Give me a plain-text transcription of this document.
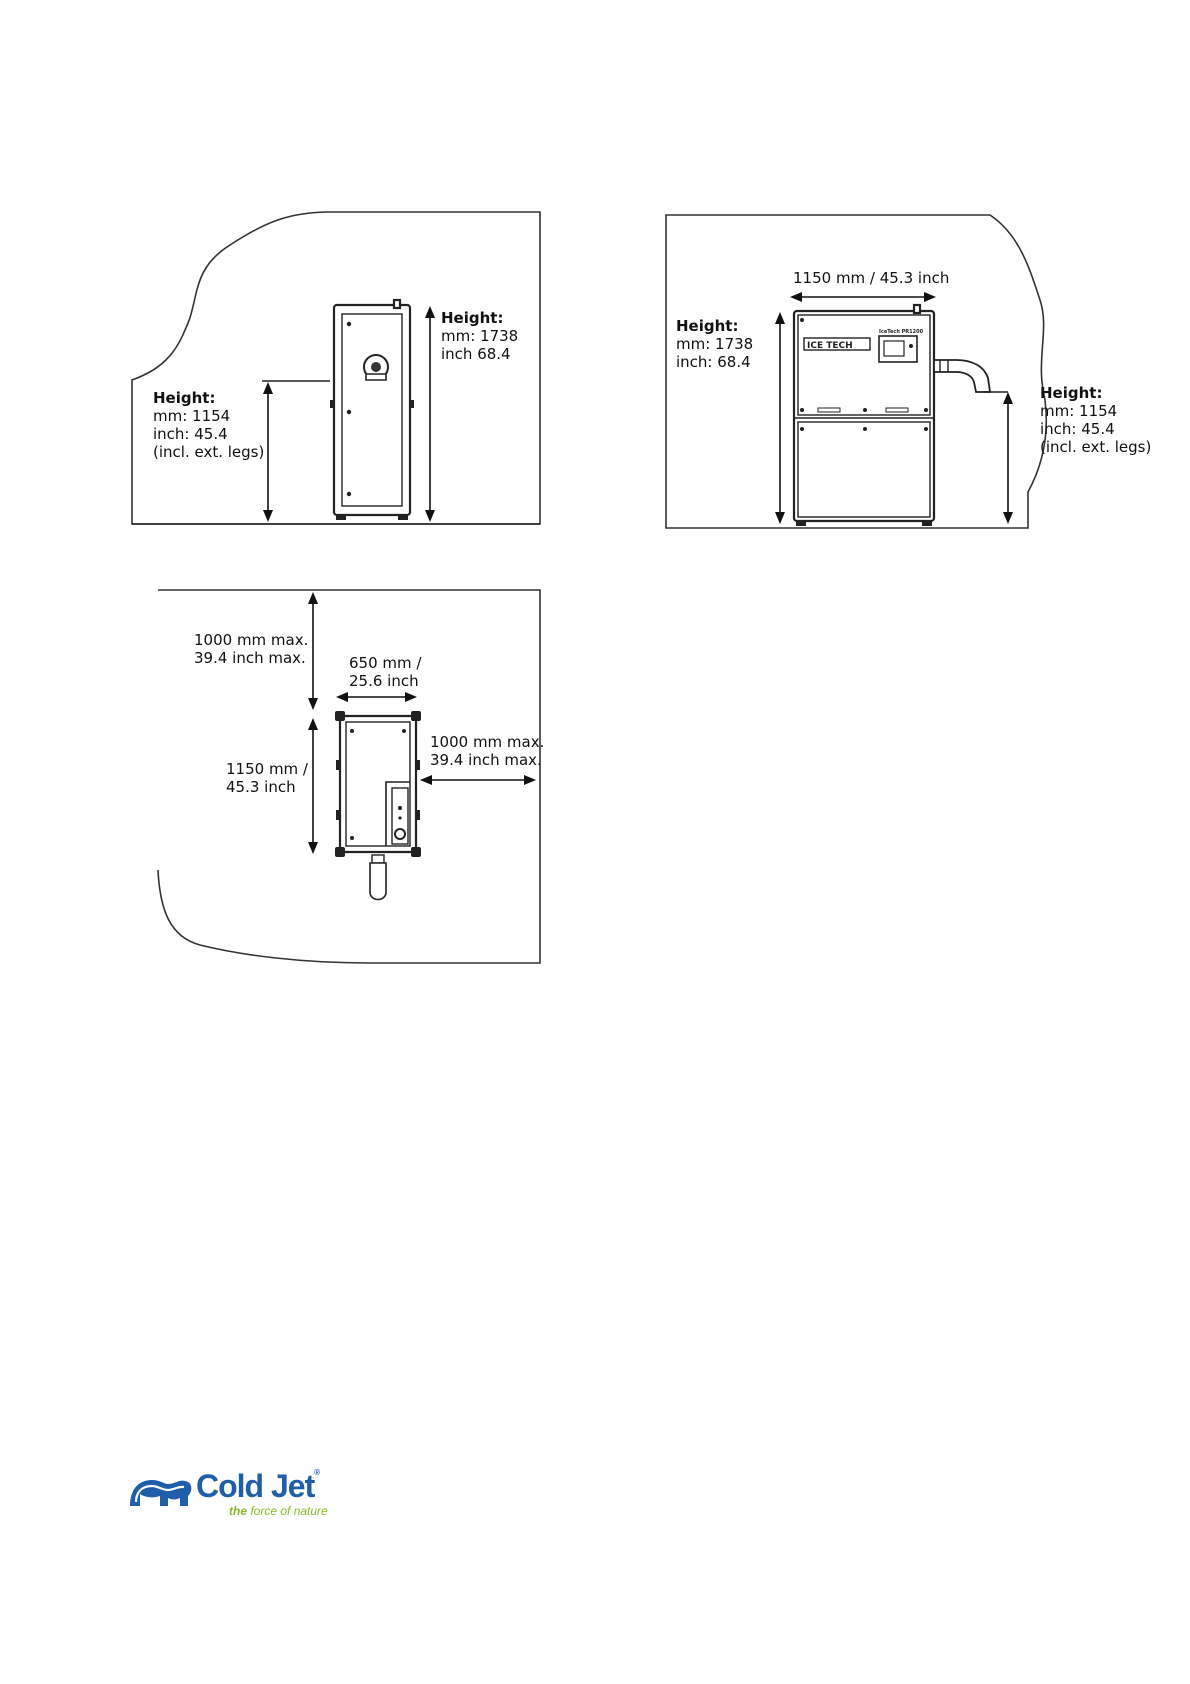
Height:
mm: 1738
inch 68.4
Height:
mm: 1154
inch: 45.4
(incl. ext. legs)
1150 mm / 45.3 inch
ICE TECH
IceTech PR1200
Height:
mm: 1738
inch: 68.4
Height:
mm: 1154
inch: 45.4
(incl. ext. legs)
1000 mm max.
39.4 inch max.	650 mm /
25.6 inch
1150 mm /
45.3 inch
1000 mm max.
39.4 inch max.
Cold Jet®
the force of nature
